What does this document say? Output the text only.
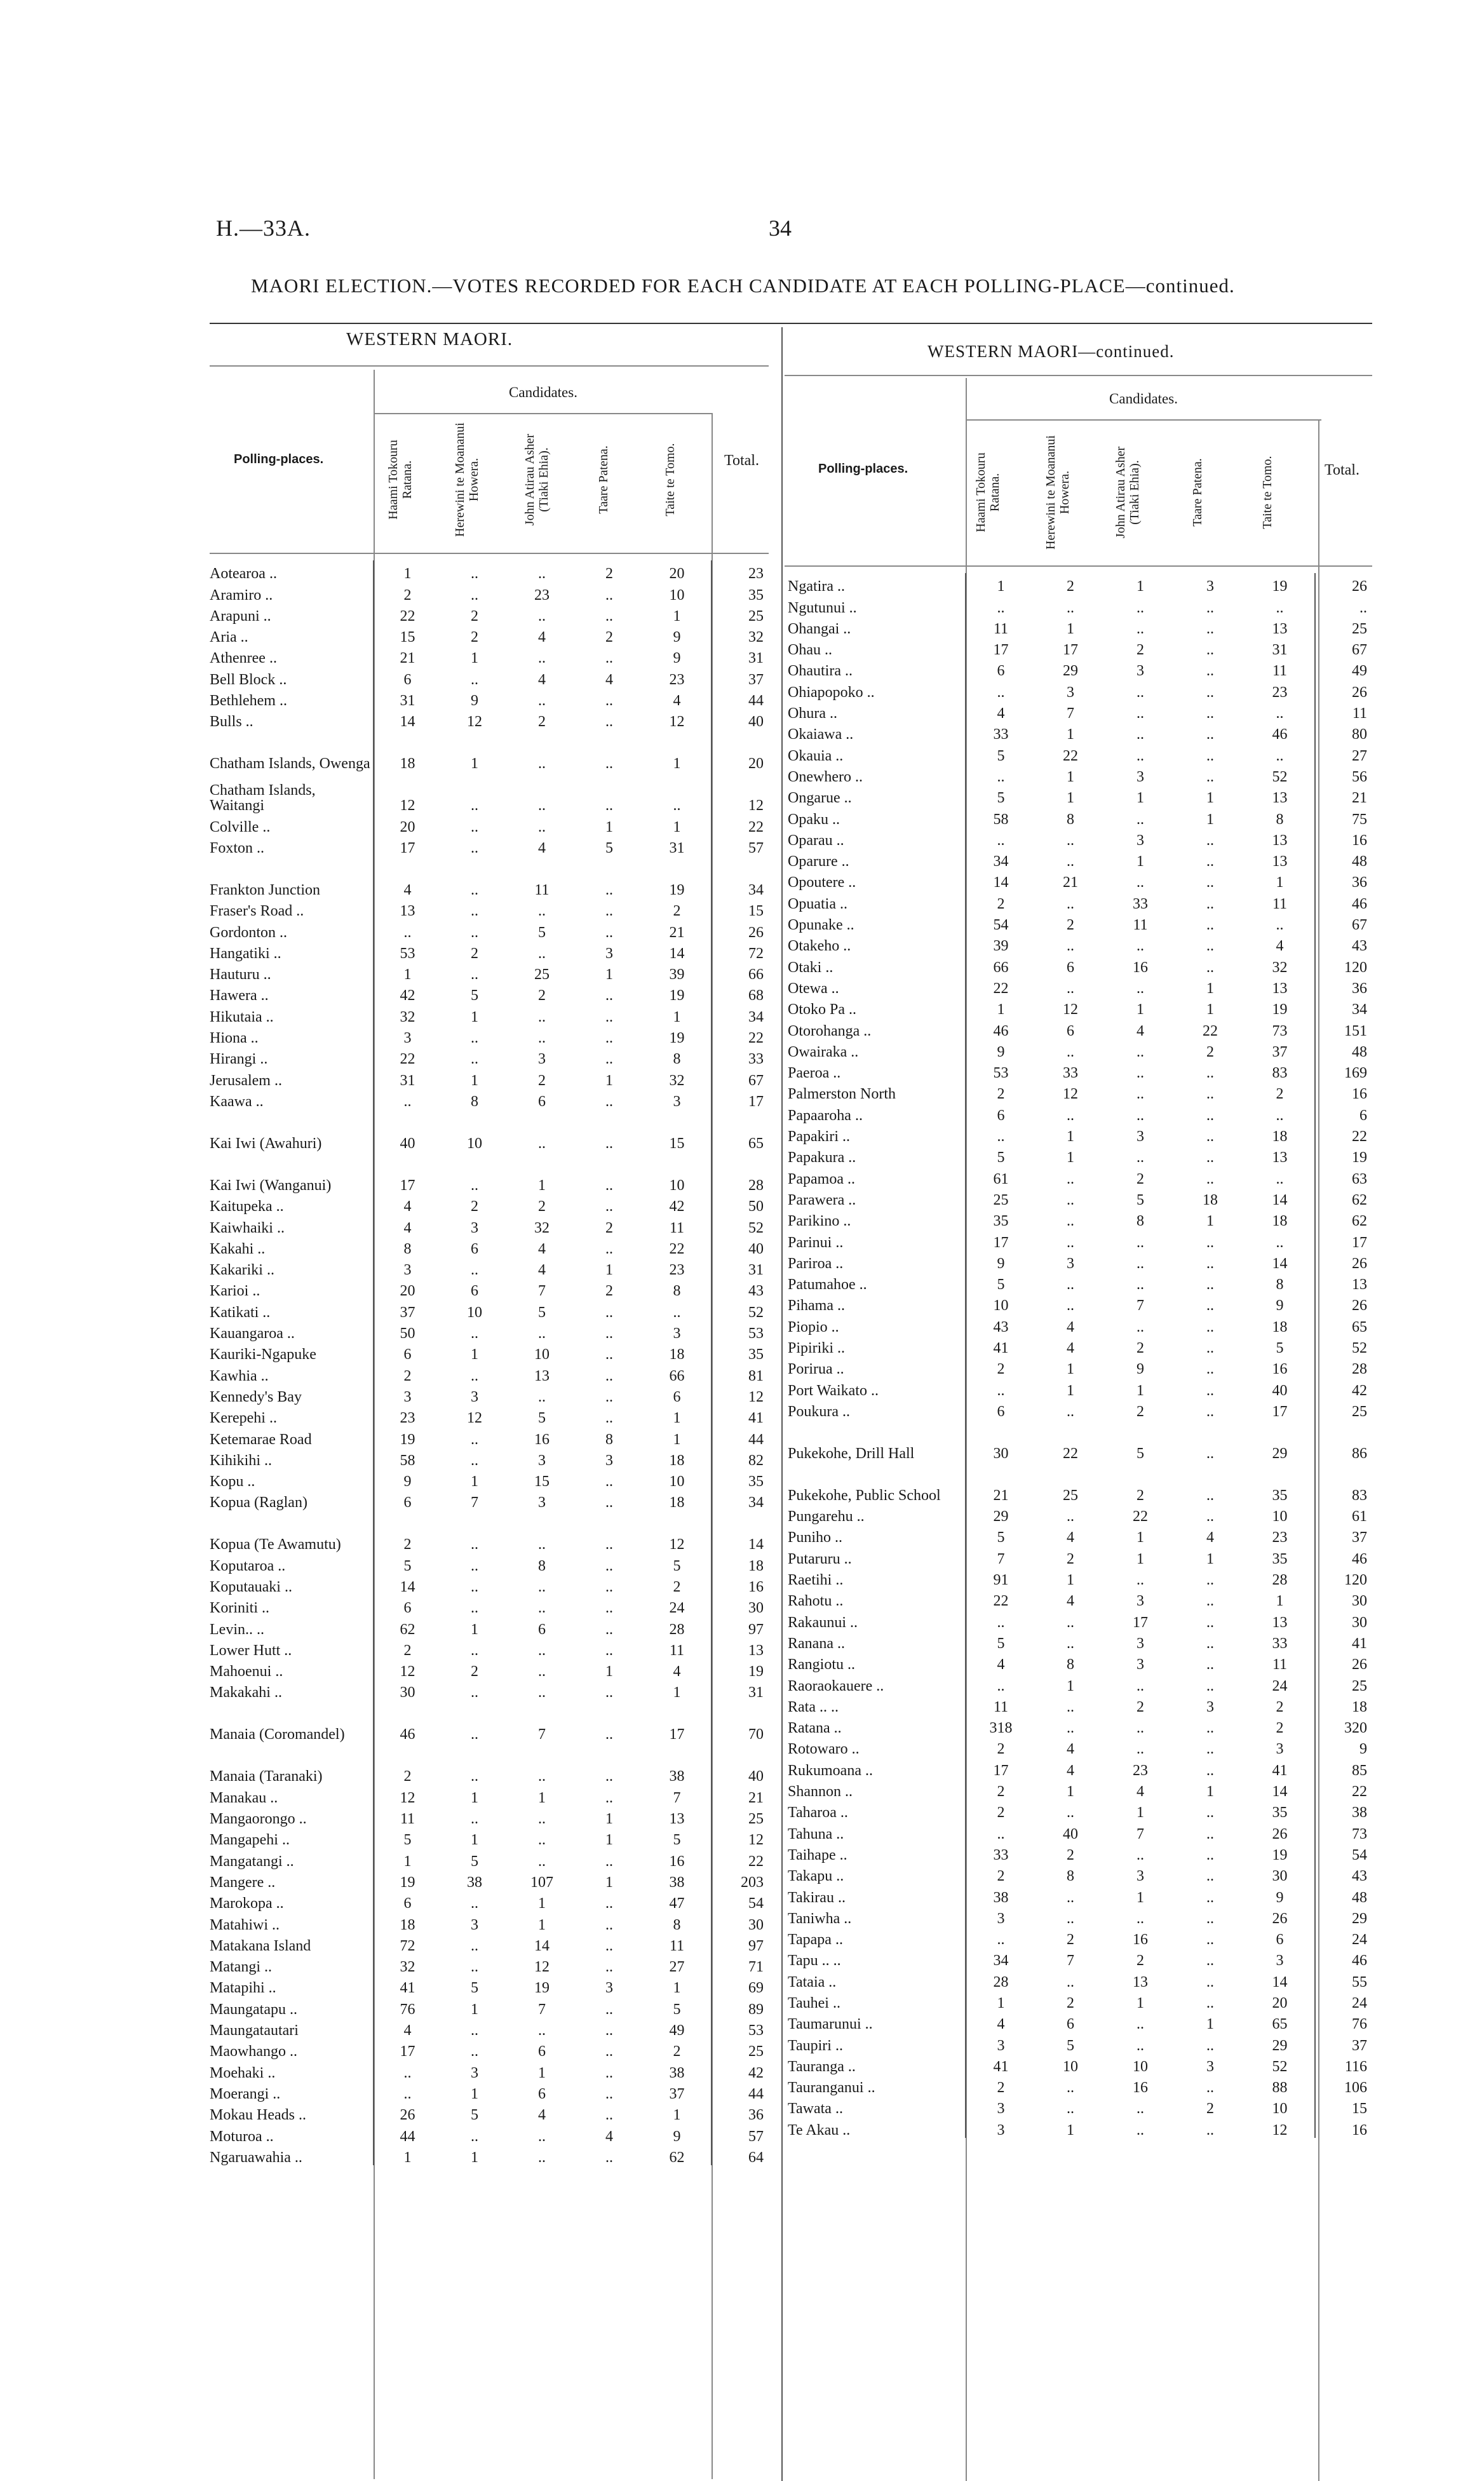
H.—33A.	34
MAORI ELECTION.—VOTES RECORDED FOR EACH CANDIDATE AT EACH POLLING-PLACE—continued.
WESTERN MAORI.
Candidates.
Polling-places.	Total.
Haami Tokouru Ratana.	Herewini te Moananui Howera.	John Atirau Asher (Tiaki Ehia).	Taare Patena.	Taite te Tomo.
Aotearoa ..	1	..	..	2	20	23
Aramiro ..	2	..	23	..	10	35
Arapuni ..	22	2	..	..	1	25
Aria ..	15	2	4	2	9	32
Athenree ..	21	1	..	..	9	31
Bell Block ..	6	..	4	4	23	37
Bethlehem ..	31	9	..	..	4	44
Bulls ..	14	12	2	..	12	40
Chatham Islands, Owenga	18	1	..	..	1	20
Chatham Islands, Waitangi	12	..	..	..	..	12
Colville ..	20	..	..	1	1	22
Foxton ..	17	..	4	5	31	57
Frankton Junction	4	..	11	..	19	34
Fraser's Road ..	13	..	..	..	2	15
Gordonton ..	..	..	5	..	21	26
Hangatiki ..	53	2	..	3	14	72
Hauturu ..	1	..	25	1	39	66
Hawera ..	42	5	2	..	19	68
Hikutaia ..	32	1	..	..	1	34
Hiona ..	3	..	..	..	19	22
Hirangi ..	22	..	3	..	8	33
Jerusalem ..	31	1	2	1	32	67
Kaawa ..	..	8	6	..	3	17
Kai Iwi (Awahuri)	40	10	..	..	15	65
Kai Iwi (Wanganui)	17	..	1	..	10	28
Kaitupeka ..	4	2	2	..	42	50
Kaiwhaiki ..	4	3	32	2	11	52
Kakahi ..	8	6	4	..	22	40
Kakariki ..	3	..	4	1	23	31
Karioi ..	20	6	7	2	8	43
Katikati ..	37	10	5	..	..	52
Kauangaroa ..	50	..	..	..	3	53
Kauriki-Ngapuke	6	1	10	..	18	35
Kawhia ..	2	..	13	..	66	81
Kennedy's Bay	3	3	..	..	6	12
Kerepehi ..	23	12	5	..	1	41
Ketemarae Road	19	..	16	8	1	44
Kihikihi ..	58	..	3	3	18	82
Kopu ..	9	1	15	..	10	35
Kopua (Raglan)	6	7	3	..	18	34
Kopua (Te Awamutu)	2	..	..	..	12	14
Koputaroa ..	5	..	8	..	5	18
Koputauaki ..	14	..	..	..	2	16
Koriniti ..	6	..	..	..	24	30
Levin.. ..	62	1	6	..	28	97
Lower Hutt ..	2	..	..	..	11	13
Mahoenui ..	12	2	..	1	4	19
Makakahi ..	30	..	..	..	1	31
Manaia (Coromandel)	46	..	7	..	17	70
Manaia (Taranaki)	2	..	..	..	38	40
Manakau ..	12	1	1	..	7	21
Mangaorongo ..	11	..	..	1	13	25
Mangapehi ..	5	1	..	1	5	12
Mangatangi ..	1	5	..	..	16	22
Mangere ..	19	38	107	1	38	203
Marokopa ..	6	..	1	..	47	54
Matahiwi ..	18	3	1	..	8	30
Matakana Island	72	..	14	..	11	97
Matangi ..	32	..	12	..	27	71
Matapihi ..	41	5	19	3	1	69
Maungatapu ..	76	1	7	..	5	89
Maungatautari	4	..	..	..	49	53
Maowhango ..	17	..	6	..	2	25
Moehaki ..	..	3	1	..	38	42
Moerangi ..	..	1	6	..	37	44
Mokau Heads ..	26	5	4	..	1	36
Moturoa ..	44	..	..	4	9	57
Ngaruawahia ..	1	1	..	..	62	64
WESTERN MAORI—continued.
Candidates.
Polling-places.	Total.
Haami Tokouru Ratana.	Herewini te Moananui Howera.	John Atirau Asher (Tiaki Ehia).	Taare Patena.	Taite te Tomo.
Ngatira ..	1	2	1	3	19	26
Ngutunui ..	..	..	..	..	..	..
Ohangai ..	11	1	..	..	13	25
Ohau ..	17	17	2	..	31	67
Ohautira ..	6	29	3	..	11	49
Ohiapopoko ..	..	3	..	..	23	26
Ohura ..	4	7	..	..	..	11
Okaiawa ..	33	1	..	..	46	80
Okauia ..	5	22	..	..	..	27
Onewhero ..	..	1	3	..	52	56
Ongarue ..	5	1	1	1	13	21
Opaku ..	58	8	..	1	8	75
Oparau ..	..	..	3	..	13	16
Oparure ..	34	..	1	..	13	48
Opoutere ..	14	21	..	..	1	36
Opuatia ..	2	..	33	..	11	46
Opunake ..	54	2	11	..	..	67
Otakeho ..	39	..	..	..	4	43
Otaki ..	66	6	16	..	32	120
Otewa ..	22	..	..	1	13	36
Otoko Pa ..	1	12	1	1	19	34
Otorohanga ..	46	6	4	22	73	151
Owairaka ..	9	..	..	2	37	48
Paeroa ..	53	33	..	..	83	169
Palmerston North	2	12	..	..	2	16
Papaaroha ..	6	..	..	..	..	6
Papakiri ..	..	1	3	..	18	22
Papakura ..	5	1	..	..	13	19
Papamoa ..	61	..	2	..	..	63
Parawera ..	25	..	5	18	14	62
Parikino ..	35	..	8	1	18	62
Parinui ..	17	..	..	..	..	17
Pariroa ..	9	3	..	..	14	26
Patumahoe ..	5	..	..	..	8	13
Pihama ..	10	..	7	..	9	26
Piopio ..	43	4	..	..	18	65
Pipiriki ..	41	4	2	..	5	52
Porirua ..	2	1	9	..	16	28
Port Waikato ..	..	1	1	..	40	42
Poukura ..	6	..	2	..	17	25
Pukekohe, Drill Hall	30	22	5	..	29	86
Pukekohe, Public School	21	25	2	..	35	83
Pungarehu ..	29	..	22	..	10	61
Puniho ..	5	4	1	4	23	37
Putaruru ..	7	2	1	1	35	46
Raetihi ..	91	1	..	..	28	120
Rahotu ..	22	4	3	..	1	30
Rakaunui ..	..	..	17	..	13	30
Ranana ..	5	..	3	..	33	41
Rangiotu ..	4	8	3	..	11	26
Raoraokauere ..	..	1	..	..	24	25
Rata .. ..	11	..	2	3	2	18
Ratana ..	318	..	..	..	2	320
Rotowaro ..	2	4	..	..	3	9
Rukumoana ..	17	4	23	..	41	85
Shannon ..	2	1	4	1	14	22
Taharoa ..	2	..	1	..	35	38
Tahuna ..	..	40	7	..	26	73
Taihape ..	33	2	..	..	19	54
Takapu ..	2	8	3	..	30	43
Takirau ..	38	..	1	..	9	48
Taniwha ..	3	..	..	..	26	29
Tapapa ..	..	2	16	..	6	24
Tapu .. ..	34	7	2	..	3	46
Tataia ..	28	..	13	..	14	55
Tauhei ..	1	2	1	..	20	24
Taumarunui ..	4	6	..	1	65	76
Taupiri ..	3	5	..	..	29	37
Tauranga ..	41	10	10	3	52	116
Tauranganui ..	2	..	16	..	88	106
Tawata ..	3	..	..	2	10	15
Te Akau ..	3	1	..	..	12	16
